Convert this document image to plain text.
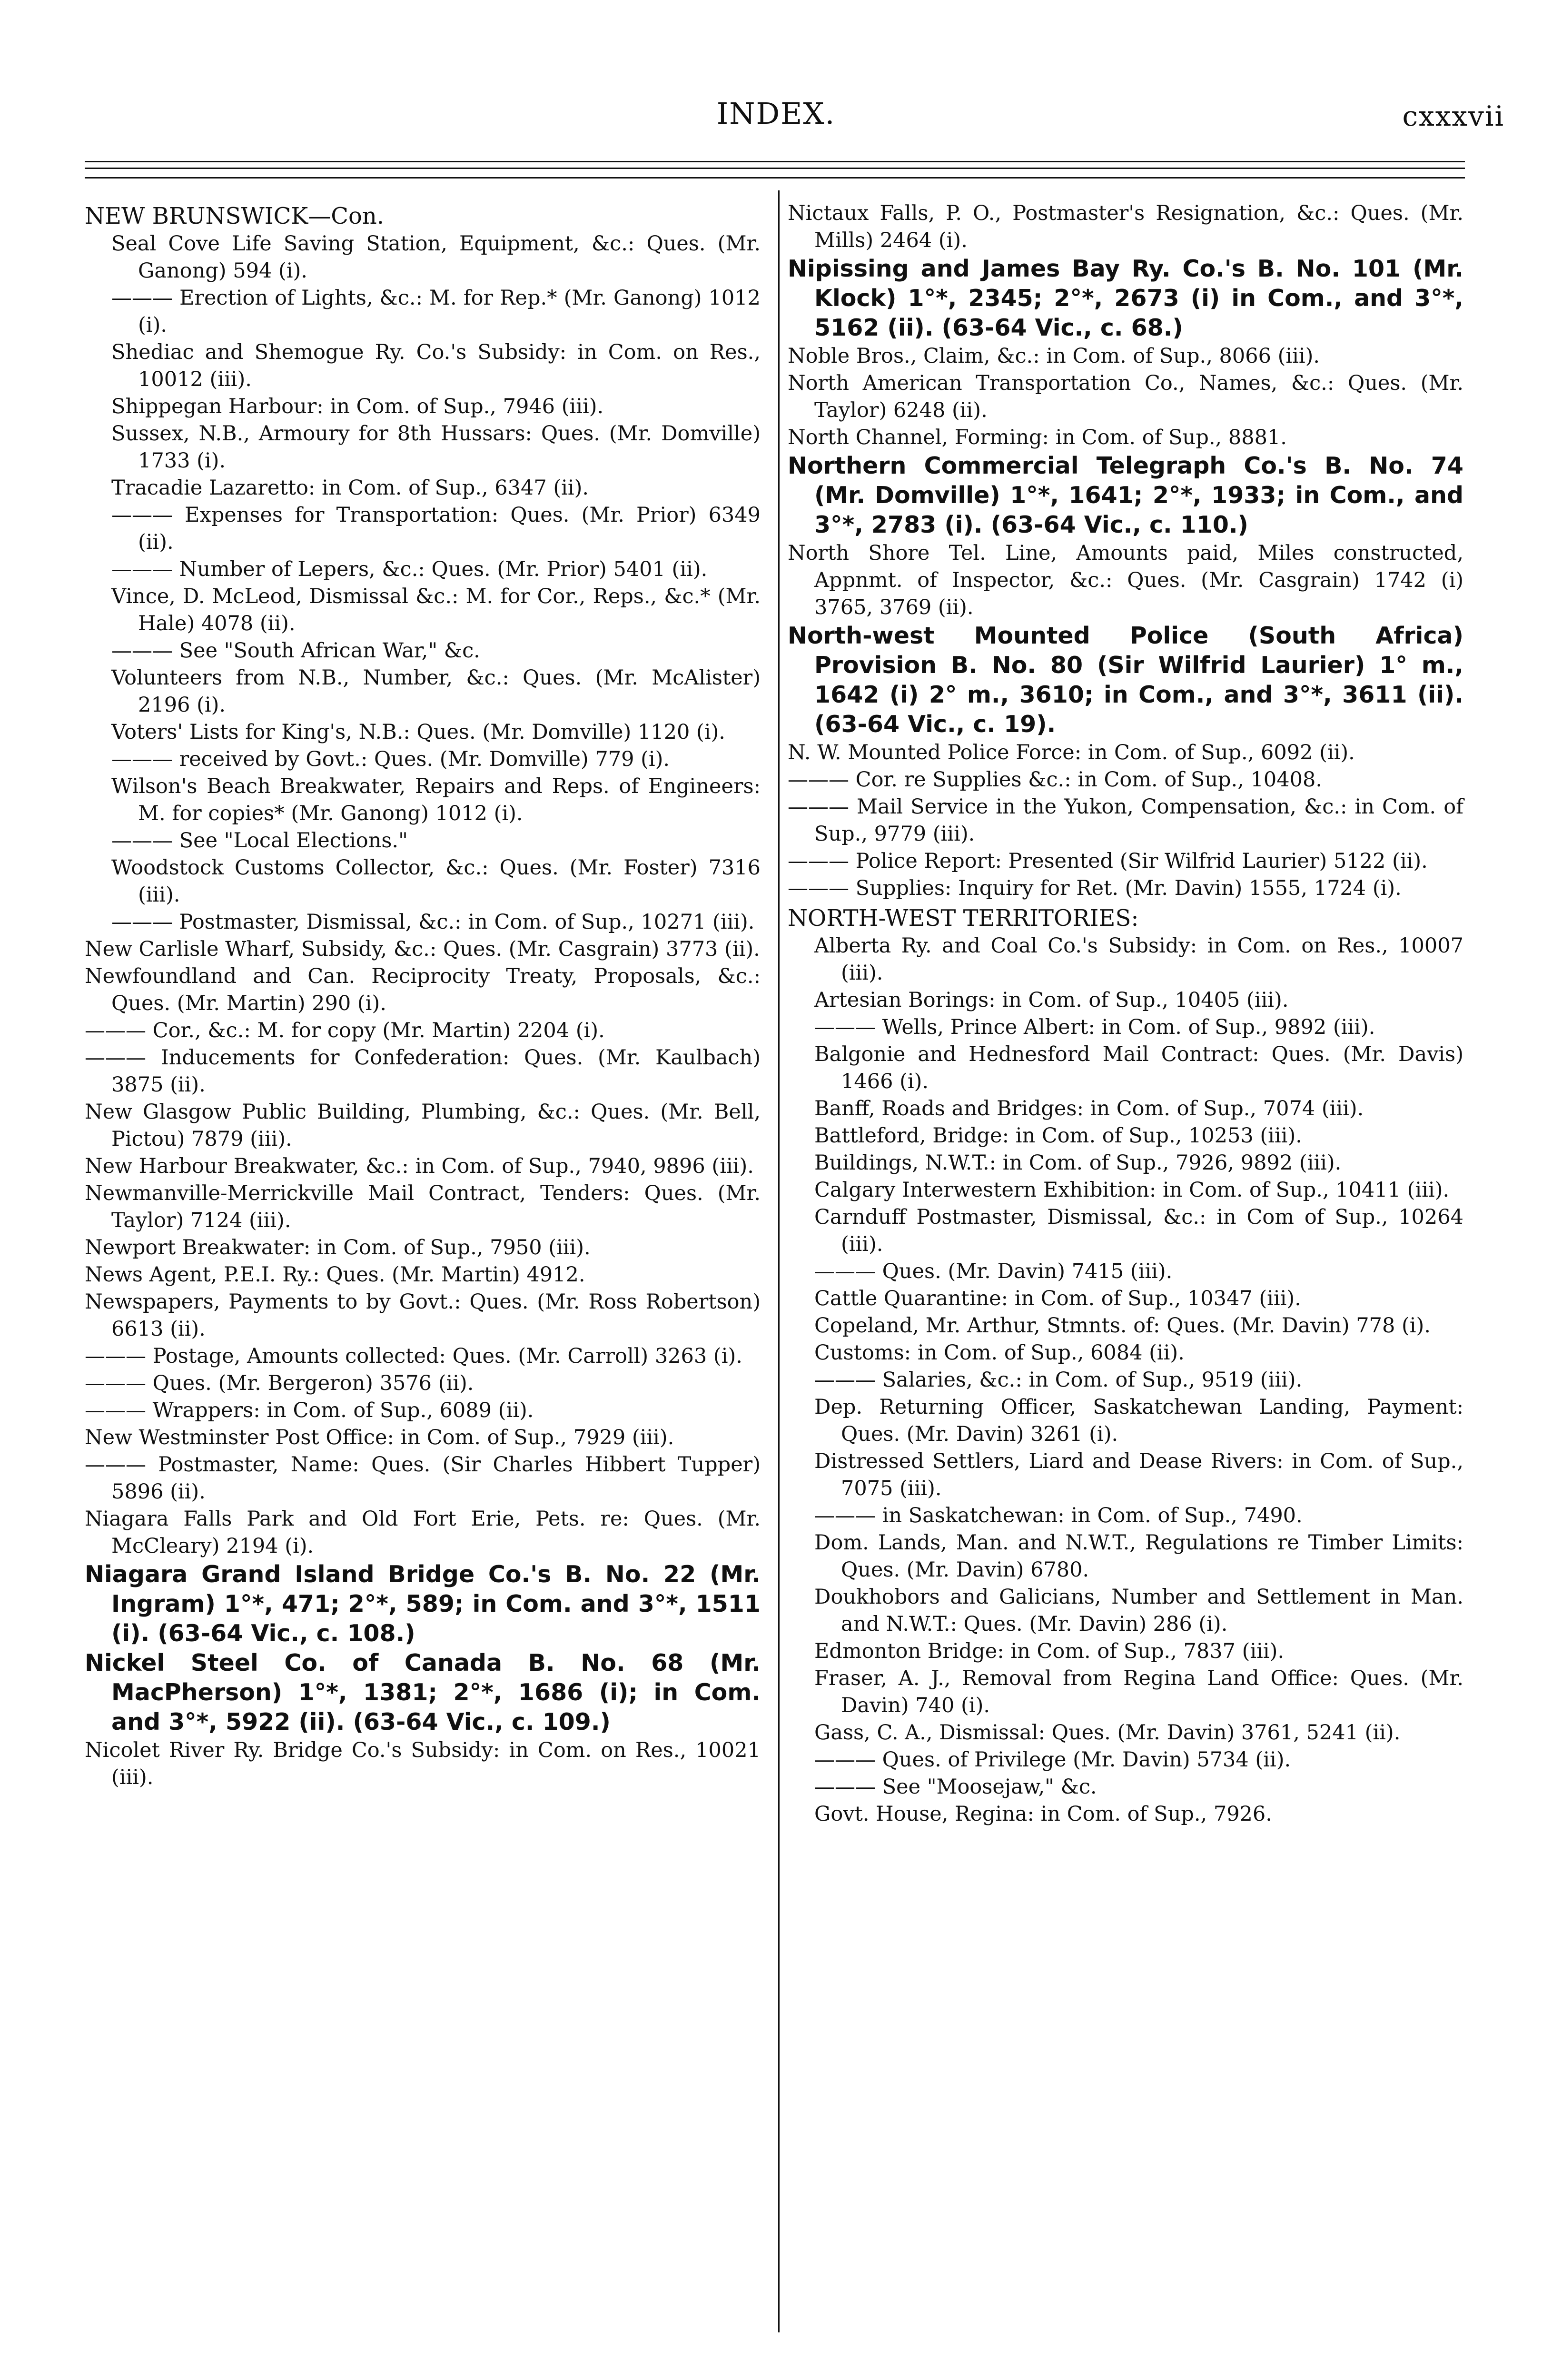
INDEX.	cxxxvii

NEW BRUNSWICK—Con.

Seal Cove Life Saving Station, Equipment, &c.: Ques. (Mr. Ganong) 594 (i).

——— Erection of Lights, &c.: M. for Rep.* (Mr. Ganong) 1012 (i).

Shediac and Shemogue Ry. Co.'s Subsidy: in Com. on Res., 10012 (iii).

Shippegan Harbour: in Com. of Sup., 7946 (iii).

Sussex, N.B., Armoury for 8th Hussars: Ques. (Mr. Domville) 1733 (i).

Tracadie Lazaretto: in Com. of Sup., 6347 (ii).

——— Expenses for Transportation: Ques. (Mr. Prior) 6349 (ii).

——— Number of Lepers, &c.: Ques. (Mr. Prior) 5401 (ii).

Vince, D. McLeod, Dismissal &c.: M. for Cor., Reps., &c.* (Mr. Hale) 4078 (ii).

——— See "South African War," &c.

Volunteers from N.B., Number, &c.: Ques. (Mr. McAlister) 2196 (i).

Voters' Lists for King's, N.B.: Ques. (Mr. Domville) 1120 (i).

——— received by Govt.: Ques. (Mr. Domville) 779 (i).

Wilson's Beach Breakwater, Repairs and Reps. of Engineers: M. for copies* (Mr. Ganong) 1012 (i).

——— See "Local Elections."

Woodstock Customs Collector, &c.: Ques. (Mr. Foster) 7316 (iii).

——— Postmaster, Dismissal, &c.: in Com. of Sup., 10271 (iii).

New Carlisle Wharf, Subsidy, &c.: Ques. (Mr. Casgrain) 3773 (ii).

Newfoundland and Can. Reciprocity Treaty, Proposals, &c.: Ques. (Mr. Martin) 290 (i).

——— Cor., &c.: M. for copy (Mr. Martin) 2204 (i).

——— Inducements for Confederation: Ques. (Mr. Kaulbach) 3875 (ii).

New Glasgow Public Building, Plumbing, &c.: Ques. (Mr. Bell, Pictou) 7879 (iii).

New Harbour Breakwater, &c.: in Com. of Sup., 7940, 9896 (iii).

Newmanville-Merrickville Mail Contract, Tenders: Ques. (Mr. Taylor) 7124 (iii).

Newport Breakwater: in Com. of Sup., 7950 (iii).

News Agent, P.E.I. Ry.: Ques. (Mr. Martin) 4912.

Newspapers, Payments to by Govt.: Ques. (Mr. Ross Robertson) 6613 (ii).

——— Postage, Amounts collected: Ques. (Mr. Carroll) 3263 (i).

——— Ques. (Mr. Bergeron) 3576 (ii).

——— Wrappers: in Com. of Sup., 6089 (ii).

New Westminster Post Office: in Com. of Sup., 7929 (iii).

——— Postmaster, Name: Ques. (Sir Charles Hibbert Tupper) 5896 (ii).

Niagara Falls Park and Old Fort Erie, Pets. re: Ques. (Mr. McCleary) 2194 (i).

Niagara Grand Island Bridge Co.'s B. No. 22 (Mr. Ingram) 1°*, 471; 2°*, 589; in Com. and 3°*, 1511 (i). (63-64 Vic., c. 108.)

Nickel Steel Co. of Canada B. No. 68 (Mr. MacPherson) 1°*, 1381; 2°*, 1686 (i); in Com. and 3°*, 5922 (ii). (63-64 Vic., c. 109.)

Nicolet River Ry. Bridge Co.'s Subsidy: in Com. on Res., 10021 (iii).

Nictaux Falls, P. O., Postmaster's Resignation, &c.: Ques. (Mr. Mills) 2464 (i).

Nipissing and James Bay Ry. Co.'s B. No. 101 (Mr. Klock) 1°*, 2345; 2°*, 2673 (i) in Com., and 3°*, 5162 (ii). (63-64 Vic., c. 68.)

Noble Bros., Claim, &c.: in Com. of Sup., 8066 (iii).

North American Transportation Co., Names, &c.: Ques. (Mr. Taylor) 6248 (ii).

North Channel, Forming: in Com. of Sup., 8881.

Northern Commercial Telegraph Co.'s B. No. 74 (Mr. Domville) 1°*, 1641; 2°*, 1933; in Com., and 3°*, 2783 (i). (63-64 Vic., c. 110.)

North Shore Tel. Line, Amounts paid, Miles constructed, Appnmt. of Inspector, &c.: Ques. (Mr. Casgrain) 1742 (i) 3765, 3769 (ii).

North-west Mounted Police (South Africa) Provision B. No. 80 (Sir Wilfrid Laurier) 1° m., 1642 (i) 2° m., 3610; in Com., and 3°*, 3611 (ii). (63-64 Vic., c. 19).

N. W. Mounted Police Force: in Com. of Sup., 6092 (ii).

——— Cor. re Supplies &c.: in Com. of Sup., 10408.

——— Mail Service in the Yukon, Compensation, &c.: in Com. of Sup., 9779 (iii).

——— Police Report: Presented (Sir Wilfrid Laurier) 5122 (ii).

——— Supplies: Inquiry for Ret. (Mr. Davin) 1555, 1724 (i).

NORTH-WEST TERRITORIES:

Alberta Ry. and Coal Co.'s Subsidy: in Com. on Res., 10007 (iii).

Artesian Borings: in Com. of Sup., 10405 (iii).

——— Wells, Prince Albert: in Com. of Sup., 9892 (iii).

Balgonie and Hednesford Mail Contract: Ques. (Mr. Davis) 1466 (i).

Banff, Roads and Bridges: in Com. of Sup., 7074 (iii).

Battleford, Bridge: in Com. of Sup., 10253 (iii).

Buildings, N.W.T.: in Com. of Sup., 7926, 9892 (iii).

Calgary Interwestern Exhibition: in Com. of Sup., 10411 (iii).

Carnduff Postmaster, Dismissal, &c.: in Com of Sup., 10264 (iii).

——— Ques. (Mr. Davin) 7415 (iii).

Cattle Quarantine: in Com. of Sup., 10347 (iii).

Copeland, Mr. Arthur, Stmnts. of: Ques. (Mr. Davin) 778 (i).

Customs: in Com. of Sup., 6084 (ii).

——— Salaries, &c.: in Com. of Sup., 9519 (iii).

Dep. Returning Officer, Saskatchewan Landing, Payment: Ques. (Mr. Davin) 3261 (i).

Distressed Settlers, Liard and Dease Rivers: in Com. of Sup., 7075 (iii).

——— in Saskatchewan: in Com. of Sup., 7490.

Dom. Lands, Man. and N.W.T., Regulations re Timber Limits: Ques. (Mr. Davin) 6780.

Doukhobors and Galicians, Number and Settlement in Man. and N.W.T.: Ques. (Mr. Davin) 286 (i).

Edmonton Bridge: in Com. of Sup., 7837 (iii).

Fraser, A. J., Removal from Regina Land Office: Ques. (Mr. Davin) 740 (i).

Gass, C. A., Dismissal: Ques. (Mr. Davin) 3761, 5241 (ii).

——— Ques. of Privilege (Mr. Davin) 5734 (ii).

——— See "Moosejaw," &c.

Govt. House, Regina: in Com. of Sup., 7926.
